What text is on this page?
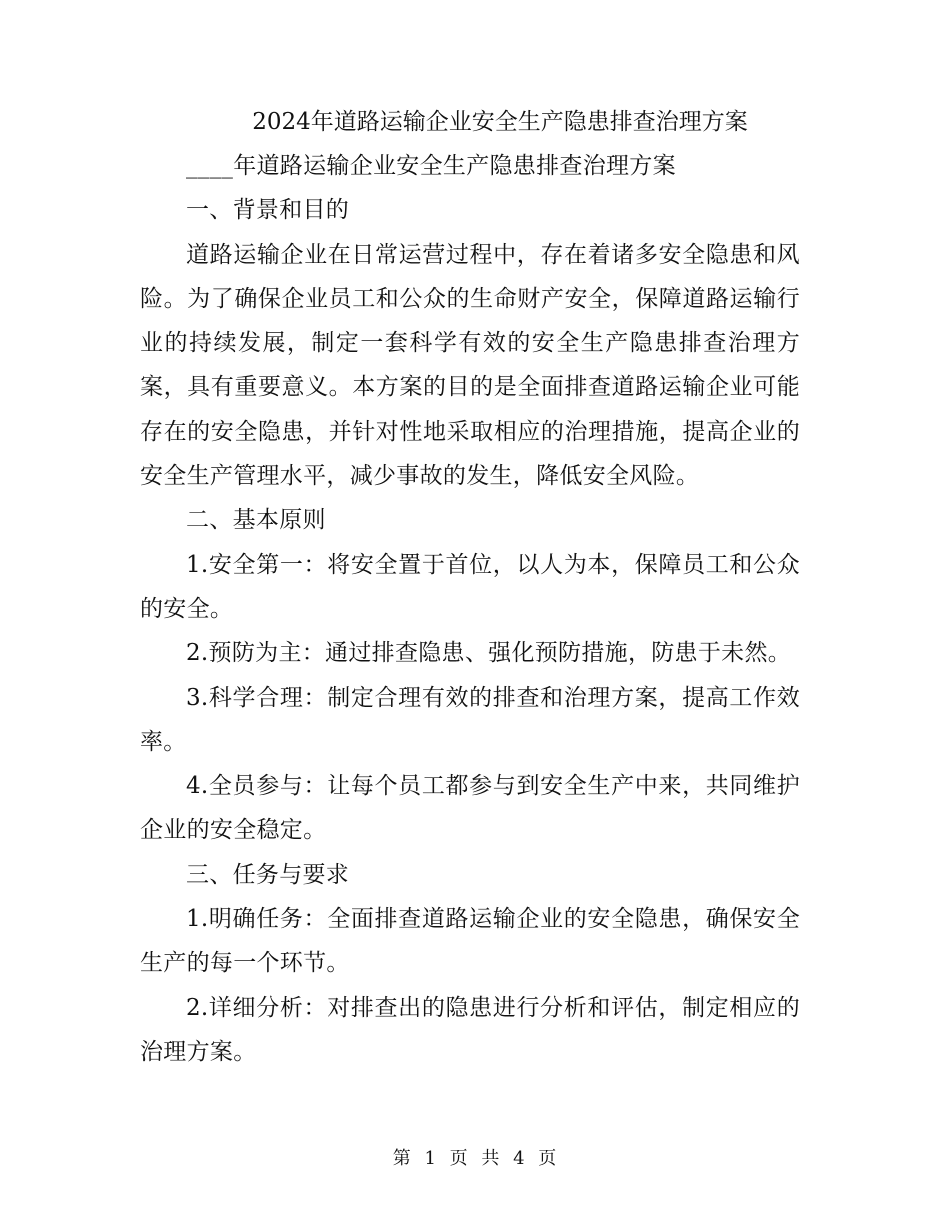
2024年道路运输企业安全生产隐患排查治理方案

____年道路运输企业安全生产隐患排查治理方案

一、背景和目的

道路运输企业在日常运营过程中，存在着诸多安全隐患和风险。为了确保企业员工和公众的生命财产安全，保障道路运输行业的持续发展，制定一套科学有效的安全生产隐患排查治理方案，具有重要意义。本方案的目的是全面排查道路运输企业可能存在的安全隐患，并针对性地采取相应的治理措施，提高企业的安全生产管理水平，减少事故的发生，降低安全风险。

二、基本原则

1.安全第一：将安全置于首位，以人为本，保障员工和公众的安全。

2.预防为主：通过排查隐患、强化预防措施，防患于未然。

3.科学合理：制定合理有效的排查和治理方案，提高工作效率。

4.全员参与：让每个员工都参与到安全生产中来，共同维护企业的安全稳定。

三、任务与要求

1.明确任务：全面排查道路运输企业的安全隐患，确保安全生产的每一个环节。

2.详细分析：对排查出的隐患进行分析和评估，制定相应的治理方案。

第 1 页 共 4 页
